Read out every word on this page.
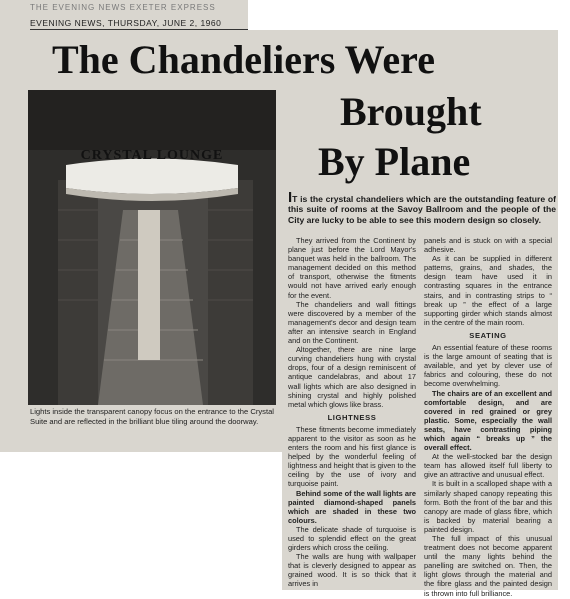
THE EVENING NEWS EXETER EXPRESS
EVENING NEWS, THURSDAY, JUNE 2, 1960
The Chandeliers Were
Brought
By Plane
CRYSTAL LOUNGE
Lights inside the transparent canopy focus on the entrance to the Crystal Suite and are reflected in the brilliant blue tiling around the doorway.
IT is the crystal chandeliers which are the outstanding feature of this suite of rooms at the Savoy Ballroom and the people of the City are lucky to be able to see this modern design so closely.

They arrived from the Continent by plane just before the Lord Mayor's banquet was held in the ballroom. The management decided on this method of transport, otherwise the fitments would not have arrived early enough for the event.

The chandeliers and wall fittings were discovered by a member of the management's decor and design team after an intensive search in England and on the Continent.

Altogether, there are nine large curving chandeliers hung with crystal drops, four of a design reminiscent of antique candelabras, and about 17 wall lights which are also designed in shining crystal and highly polished metal which glows like brass.

LIGHTNESS

These fitments become immediately apparent to the visitor as soon as he enters the room and his first glance is helped by the wonderful feeling of lightness and height that is given to the ceiling by the use of ivory and turquoise paint.

Behind some of the wall lights are painted diamond-shaped panels which are shaded in these two colours.

The delicate shade of turquoise is used to splendid effect on the great girders which cross the ceiling.

The walls are hung with wallpaper that is cleverly designed to appear as grained wood. It is so thick that it arrives in

panels and is stuck on with a special adhesive.

As it can be supplied in different patterns, grains, and shades, the design team have used it in contrasting squares in the entrance stairs, and in contrasting strips to “ break up ” the effect of a large supporting girder which stands almost in the centre of the main room.

SEATING

An essential feature of these rooms is the large amount of seating that is available, and yet by clever use of fabrics and colouring, these do not become overwhelming.

The chairs are of an excellent and comfortable design, and are covered in red grained or grey plastic. Some, especially the wall seats, have contrasting piping which again “ breaks up ” the overall effect.

At the well-stocked bar the design team has allowed itself full liberty to give an attractive and unusual effect.

It is built in a scalloped shape with a similarly shaped canopy repeating this form. Both the front of the bar and this canopy are made of glass fibre, which is backed by material bearing a painted design.

The full impact of this unusual treatment does not become apparent until the many lights behind the panelling are switched on. Then, the light glows through the material and the fibre glass and the painted design is thrown into full brilliance.
